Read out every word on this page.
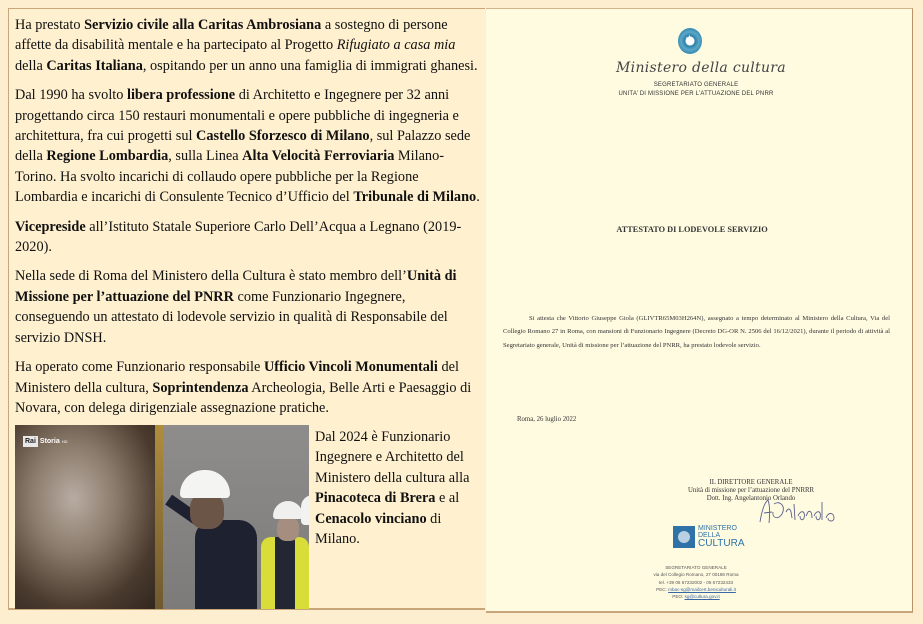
Ha prestato Servizio civile alla Caritas Ambrosiana a sostegno di persone affette da disabilità mentale e ha partecipato al Progetto Rifugiato a casa mia della Caritas Italiana, ospitando per un anno una famiglia di immigrati ghanesi.

Dal 1990 ha svolto libera professione di Architetto e Ingegnere per 32 anni progettando circa 150 restauri monumentali e opere pubbliche di ingegneria e architettura, fra cui progetti sul Castello Sforzesco di Milano, sul Palazzo sede della Regione Lombardia, sulla Linea Alta Velocità Ferroviaria Milano-Torino. Ha svolto incarichi di collaudo opere pubbliche per la Regione Lombardia e incarichi di Consulente Tecnico d’Ufficio del Tribunale di Milano.

Vicepreside all’Istituto Statale Superiore Carlo Dell’Acqua a Legnano (2019-2020).

Nella sede di Roma del Ministero della Cultura è stato membro dell’Unità di Missione per l’attuazione del PNRR come Funzionario Ingegnere, conseguendo un attestato di lodevole servizio in qualità di Responsabile del servizio DNSH.

Ha operato come Funzionario responsabile Ufficio Vincoli Monumentali del Ministero della cultura, Soprintendenza Archeologia, Belle Arti e Paesaggio di Novara, con delega dirigenziale assegnazione pratiche.

Rai Storia HD	Dal 2024 è Funzionario Ingegnere e Architetto del Ministero della cultura alla Pinacoteca di Brera e al Cenacolo vinciano di Milano.
★
Ministero della cultura
SEGRETARIATO GENERALE
UNITA’ DI MISSIONE PER L’ATTUAZIONE DEL PNRR
ATTESTATO DI LODEVOLE SERVIZIO
Si attesta che Vittorio Giuseppe Giola (GLIVTR65M03H264N), assegnato a tempo determinato al Ministero della Cultura, Via del Collegio Romano 27 in Roma, con mansioni di Funzionario Ingegnere (Decreto DG-OR N. 2506 del 16/12/2021), durante il periodo di attività al Segretariato generale, Unità di missione per l’attuazione del PNRR, ha prestato lodevole servizio.
Roma, 26 luglio 2022
IL DIRETTORE GENERALE
Unità di missione per l’attuazione del PNRRR
Dott. Ing. Angelantonio Orlando
MINISTERO
DELLA
CULTURA
SEGRETARIATO GENERALE
via del Collegio Romano, 27 00186 Roma
tel. +39 06 67232002 - 06 67232433
PEC: mbac-sg@mailcert.beniculturali.it
PEO: sg@cultura.gov.it
